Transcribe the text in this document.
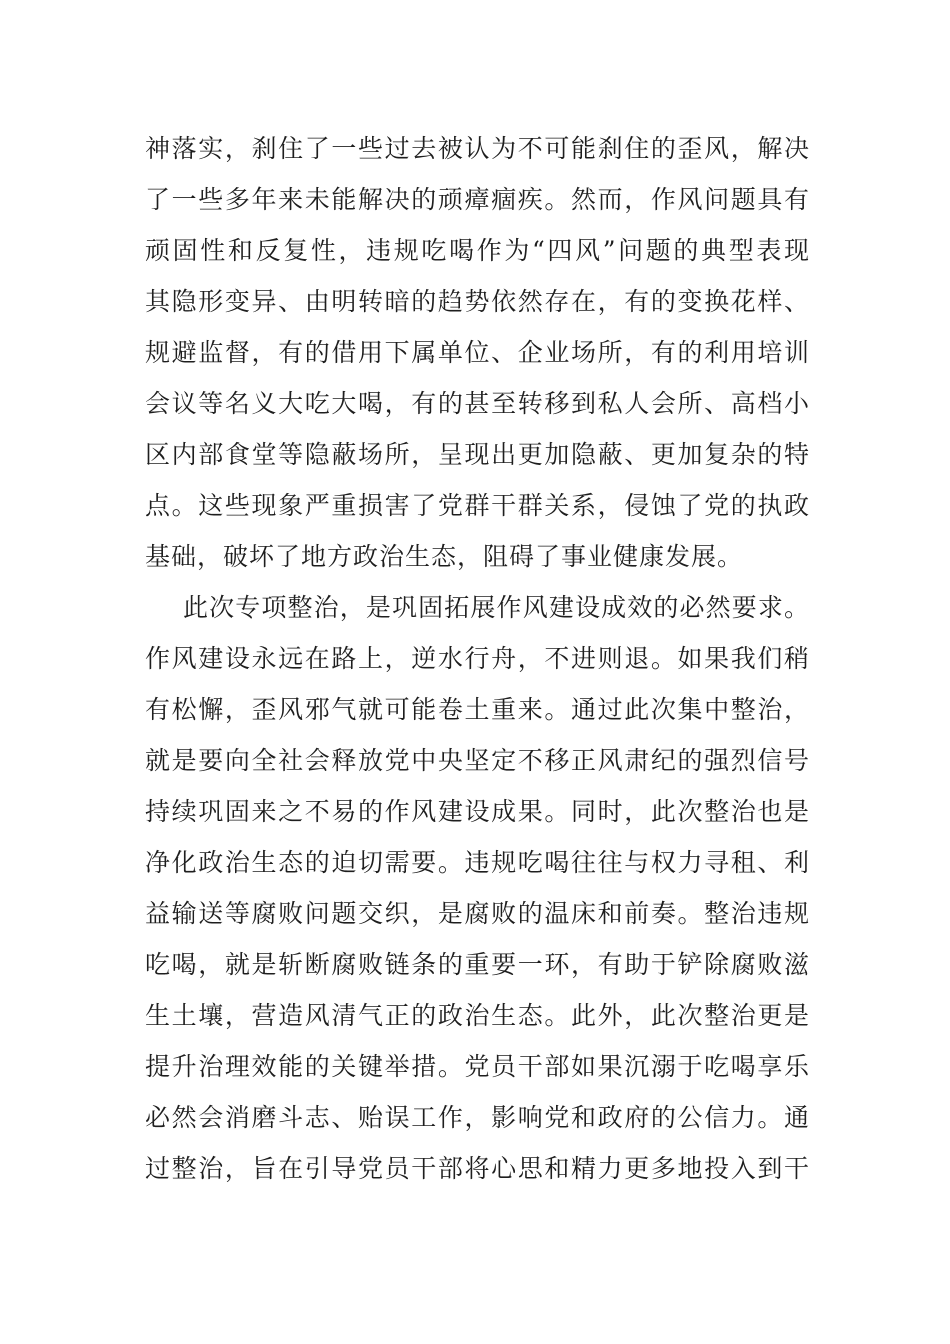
神落实，刹住了一些过去被认为不可能刹住的歪风，解决
了一些多年来未能解决的顽瘴痼疾。然而，作风问题具有
顽固性和反复性，违规吃喝作为“四风”问题的典型表现
其隐形变异、由明转暗的趋势依然存在，有的变换花样、
规避监督，有的借用下属单位、企业场所，有的利用培训
会议等名义大吃大喝，有的甚至转移到私人会所、高档小
区内部食堂等隐蔽场所，呈现出更加隐蔽、更加复杂的特
点。这些现象严重损害了党群干群关系，侵蚀了党的执政
基础，破坏了地方政治生态，阻碍了事业健康发展。
此次专项整治，是巩固拓展作风建设成效的必然要求。
作风建设永远在路上，逆水行舟，不进则退。如果我们稍
有松懈，歪风邪气就可能卷土重来。通过此次集中整治，
就是要向全社会释放党中央坚定不移正风肃纪的强烈信号
持续巩固来之不易的作风建设成果。同时，此次整治也是
净化政治生态的迫切需要。违规吃喝往往与权力寻租、利
益输送等腐败问题交织，是腐败的温床和前奏。整治违规
吃喝，就是斩断腐败链条的重要一环，有助于铲除腐败滋
生土壤，营造风清气正的政治生态。此外，此次整治更是
提升治理效能的关键举措。党员干部如果沉溺于吃喝享乐
必然会消磨斗志、贻误工作，影响党和政府的公信力。通
过整治，旨在引导党员干部将心思和精力更多地投入到干
